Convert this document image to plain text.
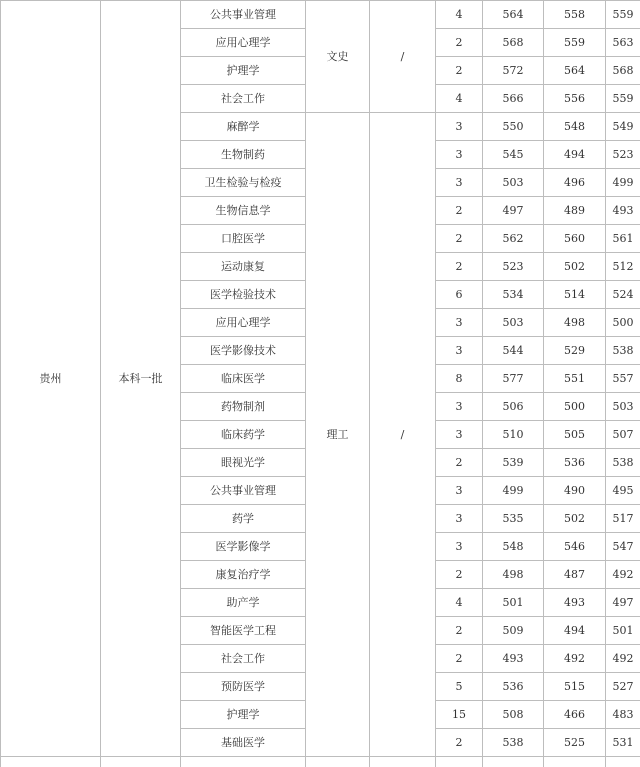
贵州	本科一批	公共事业管理	文史	/	4	564	558	559
		应用心理学			2	568	559	563
		护理学			2	572	564	568
		社会工作			4	566	556	559
		麻醉学	理工	/	3	550	548	549
		生物制药			3	545	494	523
		卫生检验与检疫			3	503	496	499
		生物信息学			2	497	489	493
		口腔医学			2	562	560	561
		运动康复			2	523	502	512
		医学检验技术			6	534	514	524
		应用心理学			3	503	498	500
		医学影像技术			3	544	529	538
		临床医学			8	577	551	557
		药物制剂			3	506	500	503
		临床药学			3	510	505	507
		眼视光学			2	539	536	538
		公共事业管理			3	499	490	495
		药学			3	535	502	517
		医学影像学			3	548	546	547
		康复治疗学			2	498	487	492
		助产学			4	501	493	497
		智能医学工程			2	509	494	501
		社会工作			2	493	492	492
		预防医学			5	536	515	527
		护理学			15	508	466	483
		基础医学			2	538	525	531
